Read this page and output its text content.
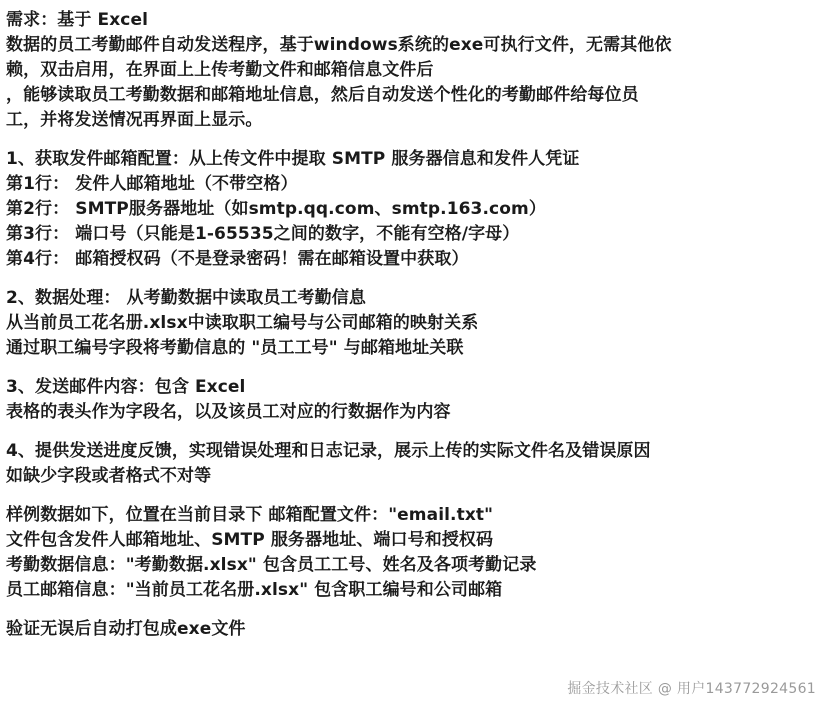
需求：基于 Excel
数据的员工考勤邮件自动发送程序，基于windows系统的exe可执行文件，无需其他依
赖，双击启用，在界面上上传考勤文件和邮箱信息文件后
，能够读取员工考勤数据和邮箱地址信息，然后自动发送个性化的考勤邮件给每位员
工，并将发送情况再界面上显示。
1、获取发件邮箱配置：从上传文件中提取 SMTP 服务器信息和发件人凭证
第1行： 发件人邮箱地址（不带空格）
第2行： SMTP服务器地址（如smtp.qq.com、smtp.163.com）
第3行： 端口号（只能是1-65535之间的数字，不能有空格/字母）
第4行： 邮箱授权码（不是登录密码！需在邮箱设置中获取）
2、数据处理： 从考勤数据中读取员工考勤信息
从当前员工花名册.xlsx中读取职工编号与公司邮箱的映射关系
通过职工编号字段将考勤信息的 "员工工号" 与邮箱地址关联
3、发送邮件内容：包含 Excel
表格的表头作为字段名，以及该员工对应的行数据作为内容
4、提供发送进度反馈，实现错误处理和日志记录，展示上传的实际文件名及错误原因
如缺少字段或者格式不对等
样例数据如下，位置在当前目录下 邮箱配置文件："email.txt"
文件包含发件人邮箱地址、SMTP 服务器地址、端口号和授权码
考勤数据信息："考勤数据.xlsx" 包含员工工号、姓名及各项考勤记录
员工邮箱信息："当前员工花名册.xlsx" 包含职工编号和公司邮箱
验证无误后自动打包成exe文件
掘金技术社区 @ 用户143772924561
